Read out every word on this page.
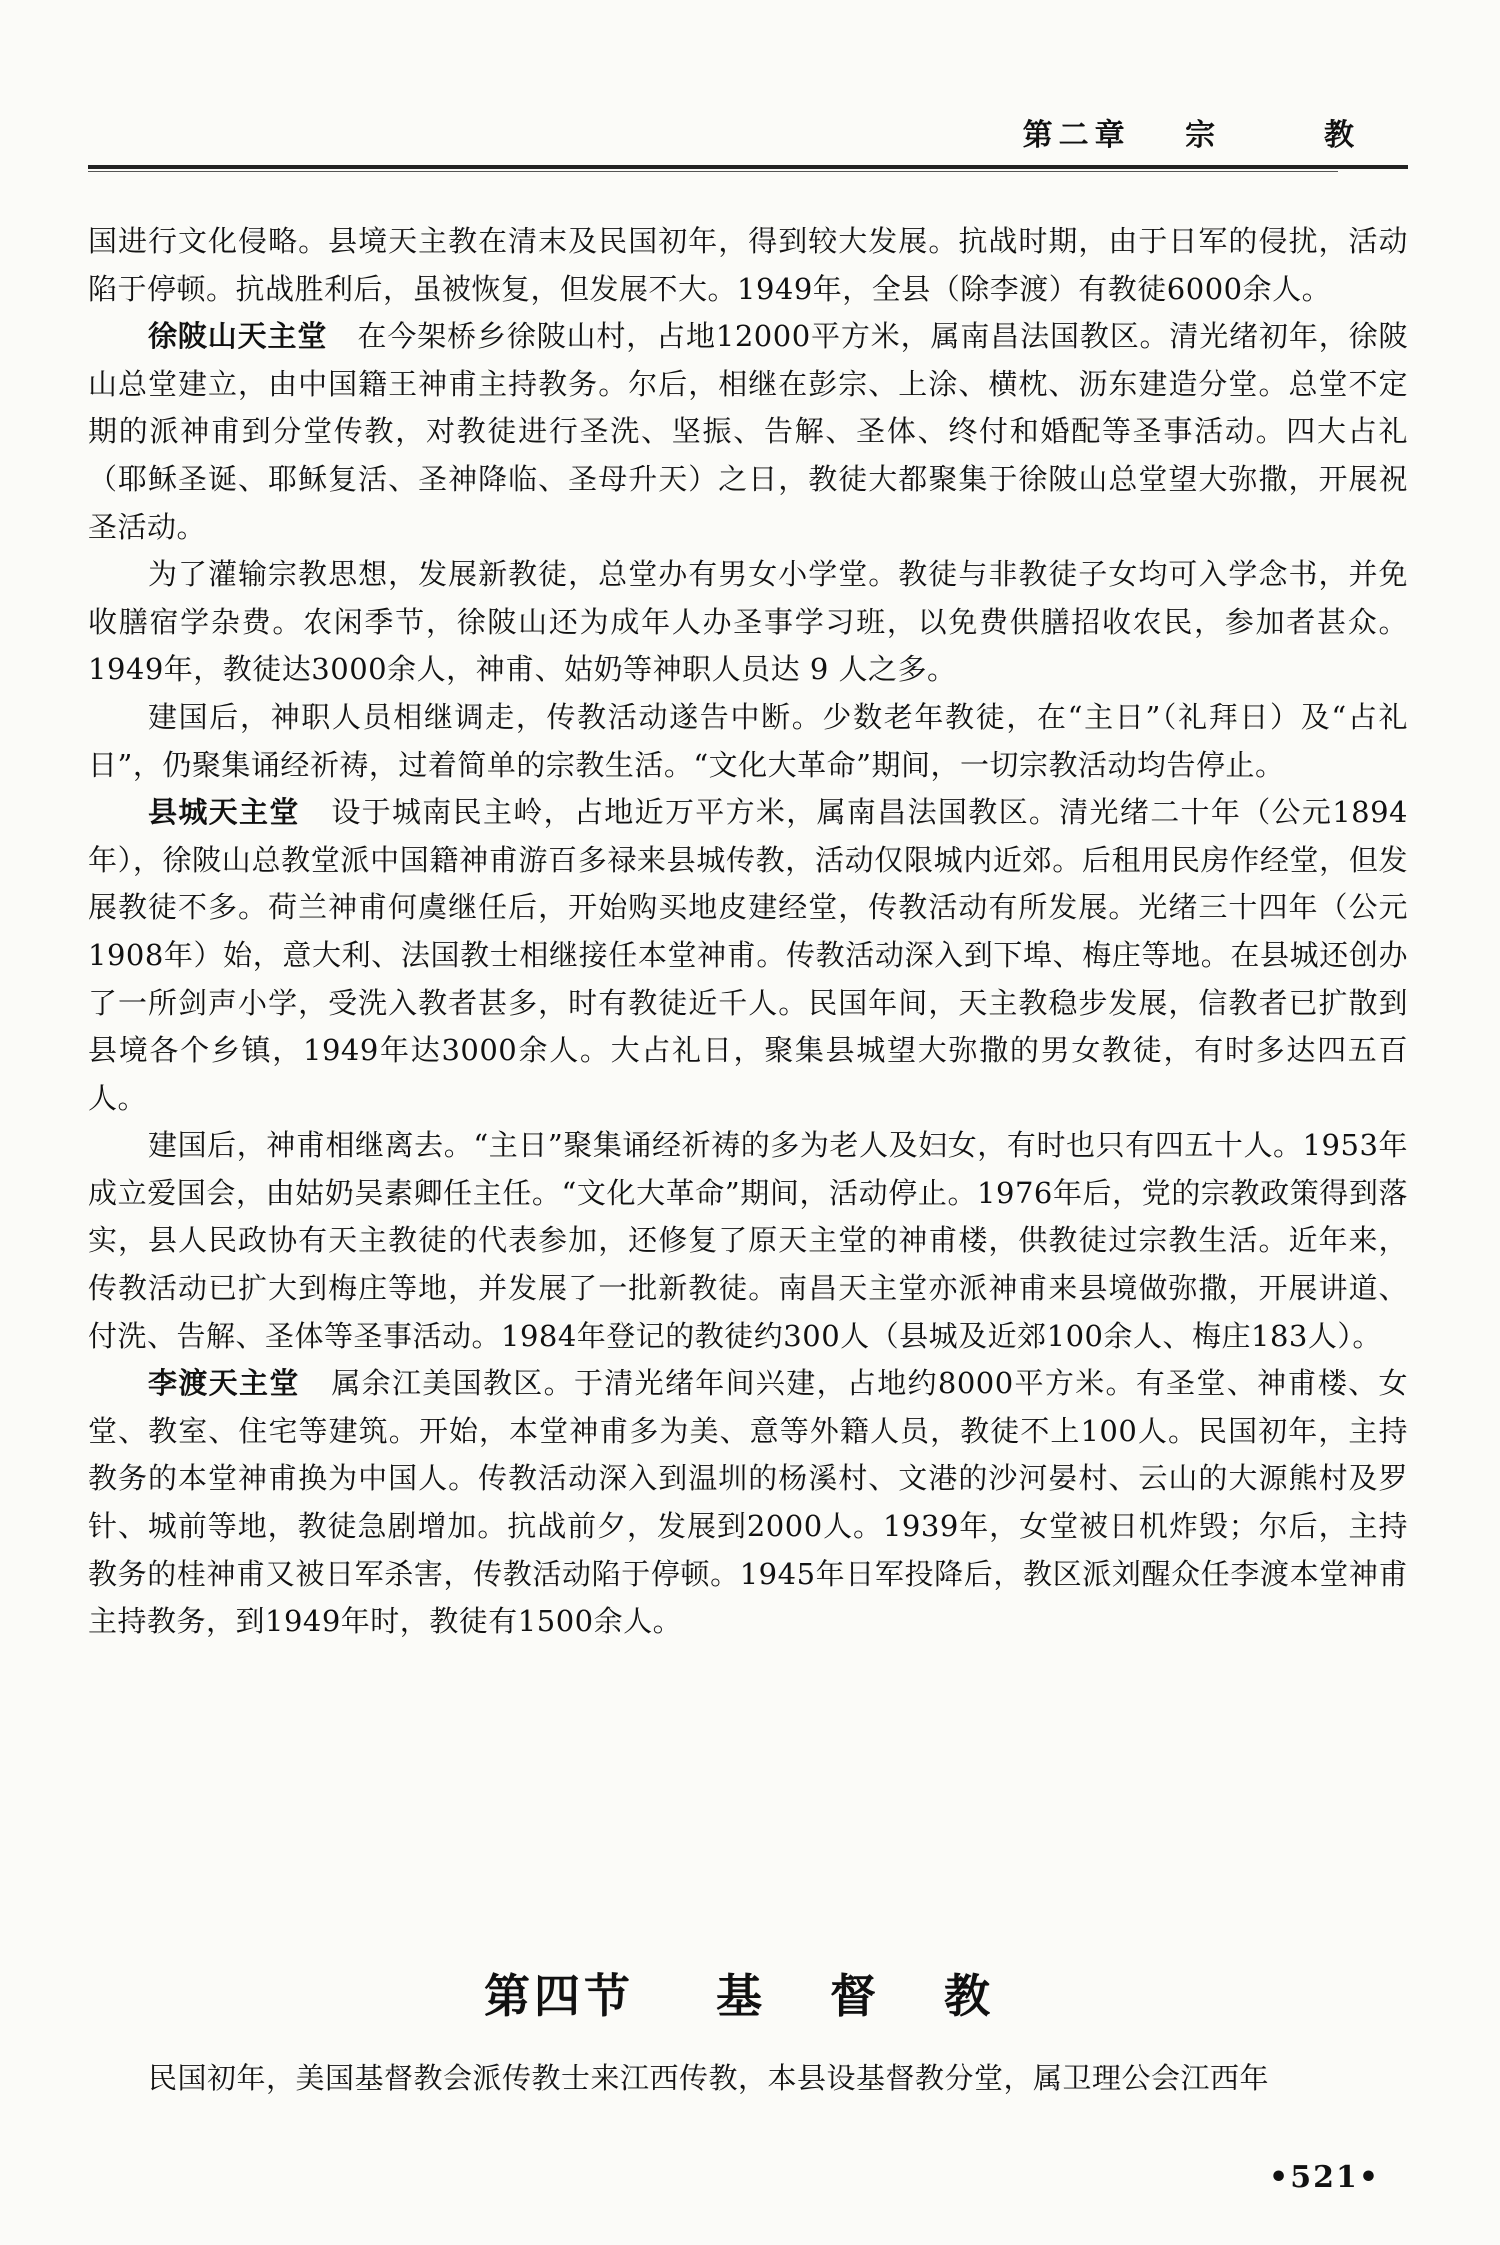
第二章 宗	教

国进行文化侵略。县境天主教在清末及民国初年，得到较大发展。抗战时期，由于日军的侵扰，活动陷于停顿。抗战胜利后，虽被恢复，但发展不大。1949年，全县（除李渡）有教徒6000余人。

徐陂山天主堂 在今架桥乡徐陂山村，占地12000平方米，属南昌法国教区。清光绪初年，徐陂山总堂建立，由中国籍王神甫主持教务。尔后，相继在彭宗、上涂、横枕、沥东建造分堂。总堂不定期的派神甫到分堂传教，对教徒进行圣洗、坚振、告解、圣体、终付和婚配等圣事活动。四大占礼（耶稣圣诞、耶稣复活、圣神降临、圣母升天）之日，教徒大都聚集于徐陂山总堂望大弥撒，开展祝圣活动。

为了灌输宗教思想，发展新教徒，总堂办有男女小学堂。教徒与非教徒子女均可入学念书，并免收膳宿学杂费。农闲季节，徐陂山还为成年人办圣事学习班，以免费供膳招收农民，参加者甚众。1949年，教徒达3000余人，神甫、姑奶等神职人员达 9 人之多。

建国后，神职人员相继调走，传教活动遂告中断。少数老年教徒，在“主日”（礼拜日）及“占礼日”，仍聚集诵经祈祷，过着简单的宗教生活。“文化大革命”期间，一切宗教活动均告停止。

县城天主堂 设于城南民主岭，占地近万平方米，属南昌法国教区。清光绪二十年（公元1894年），徐陂山总教堂派中国籍神甫游百多禄来县城传教，活动仅限城内近郊。后租用民房作经堂，但发展教徒不多。荷兰神甫何虞继任后，开始购买地皮建经堂，传教活动有所发展。光绪三十四年（公元1908年）始，意大利、法国教士相继接任本堂神甫。传教活动深入到下埠、梅庄等地。在县城还创办了一所剑声小学，受洗入教者甚多，时有教徒近千人。民国年间，天主教稳步发展，信教者已扩散到县境各个乡镇，1949年达3000余人。大占礼日，聚集县城望大弥撒的男女教徒，有时多达四五百人。

建国后，神甫相继离去。“主日”聚集诵经祈祷的多为老人及妇女，有时也只有四五十人。1953年成立爱国会，由姑奶吴素卿任主任。“文化大革命”期间，活动停止。1976年后，党的宗教政策得到落实，县人民政协有天主教徒的代表参加，还修复了原天主堂的神甫楼，供教徒过宗教生活。近年来，传教活动已扩大到梅庄等地，并发展了一批新教徒。南昌天主堂亦派神甫来县境做弥撒，开展讲道、付洗、告解、圣体等圣事活动。1984年登记的教徒约300人（县城及近郊100余人、梅庄183人）。

李渡天主堂 属余江美国教区。于清光绪年间兴建，占地约8000平方米。有圣堂、神甫楼、女堂、教室、住宅等建筑。开始，本堂神甫多为美、意等外籍人员，教徒不上100人。民国初年，主持教务的本堂神甫换为中国人。传教活动深入到温圳的杨溪村、文港的沙河晏村、云山的大源熊村及罗针、城前等地，教徒急剧增加。抗战前夕，发展到2000人。1939年，女堂被日机炸毁；尔后，主持教务的桂神甫又被日军杀害，传教活动陷于停顿。1945年日军投降后，教区派刘醒众任李渡本堂神甫主持教务，到1949年时，教徒有1500余人。

第四节 基 督 教

民国初年，美国基督教会派传教士来江西传教，本县设基督教分堂，属卫理公会江西年

•521•
